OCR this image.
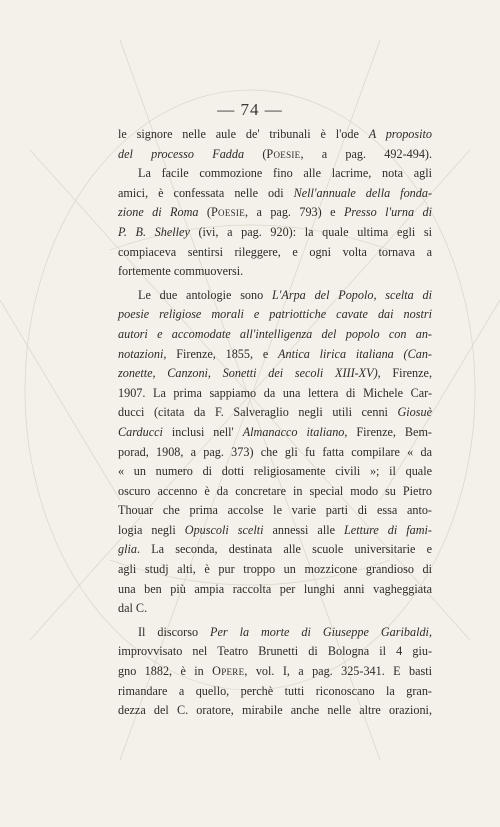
— 74 —

le signore nelle aule de' tribunali è l'ode A proposito

del processo Fadda (Poesie, a pag. 492-494).

La facile commozione fino alle lacrime, nota agli

amici, è confessata nelle odi Nell'annuale della fonda-

zione di Roma (Poesie, a pag. 793) e Presso l'urna di

P. B. Shelley (ivi, a pag. 920): la quale ultima egli si

compiaceva sentirsi rileggere, e ogni volta tornava a

fortemente commuoversi.

Le due antologie sono L'Arpa del Popolo, scelta di

poesie religiose morali e patriottiche cavate dai nostri

autori e accomodate all'intelligenza del popolo con an-

notazioni, Firenze, 1855, e Antica lirica italiana (Can-

zonette, Canzoni, Sonetti dei secoli XIII-XV), Firenze,

1907. La prima sappiamo da una lettera di Michele Car-

ducci (citata da F. Salveraglio negli utili cenni Giosuè

Carducci inclusi nell' Almanacco italiano, Firenze, Bem-

porad, 1908, a pag. 373) che gli fu fatta compilare « da

« un numero di dotti religiosamente civili »; il quale

oscuro accenno è da concretare in special modo su Pietro

Thouar che prima accolse le varie parti di essa anto-

logia negli Opuscoli scelti annessi alle Letture di fami-

glia. La seconda, destinata alle scuole universitarie e

agli studj alti, è pur troppo un mozzicone grandioso di

una ben più ampia raccolta per lunghi anni vagheggiata

dal C.

Il discorso Per la morte di Giuseppe Garibaldi,

improvvisato nel Teatro Brunetti di Bologna il 4 giu-

gno 1882, è in Opere, vol. I, a pag. 325-341. E basti

rimandare a quello, perchè tutti riconoscano la gran-

dezza del C. oratore, mirabile anche nelle altre orazioni,
